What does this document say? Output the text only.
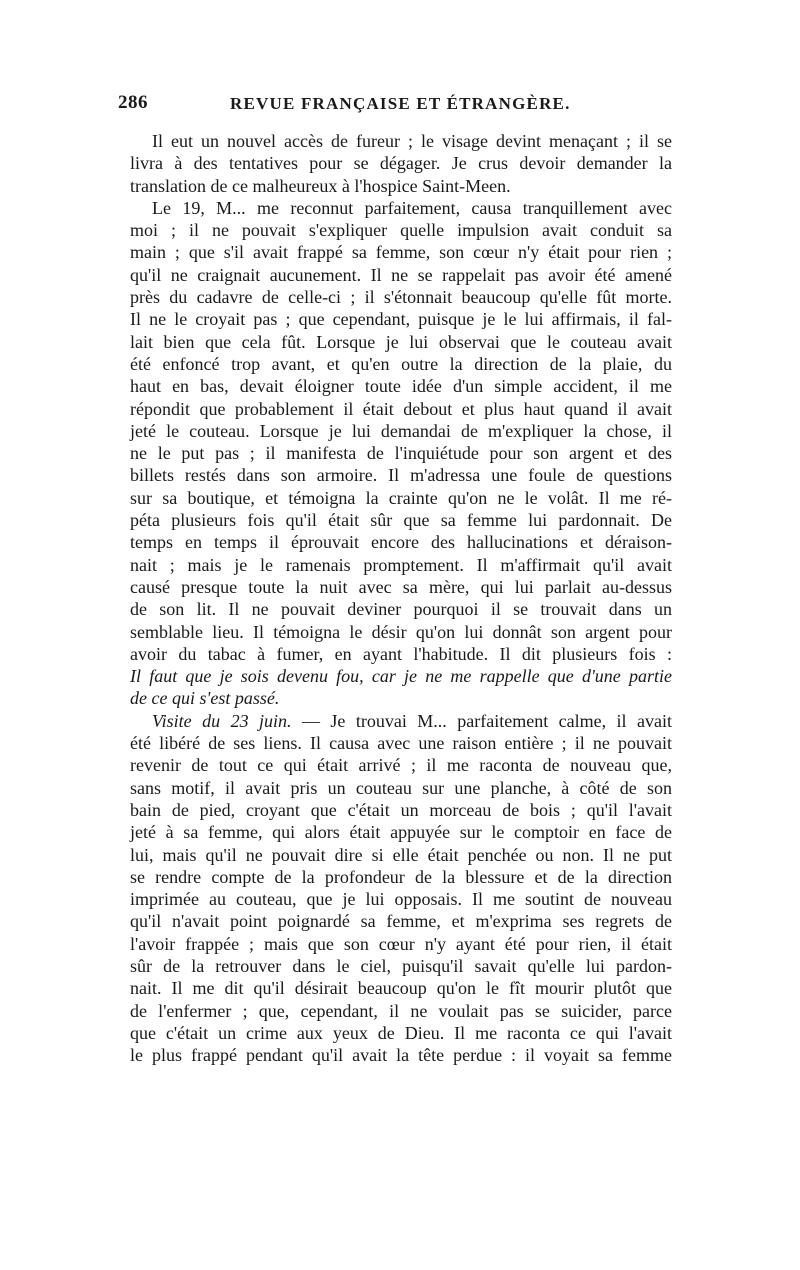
286	REVUE FRANÇAISE ET ÉTRANGÈRE.
Il eut un nouvel accès de fureur ; le visage devint menaçant ; il se
livra à des tentatives pour se dégager. Je crus devoir demander la
translation de ce malheureux à l'hospice Saint-Meen.
Le 19, M... me reconnut parfaitement, causa tranquillement avec
moi ; il ne pouvait s'expliquer quelle impulsion avait conduit sa
main ; que s'il avait frappé sa femme, son cœur n'y était pour rien ;
qu'il ne craignait aucunement. Il ne se rappelait pas avoir été amené
près du cadavre de celle-ci ; il s'étonnait beaucoup qu'elle fût morte.
Il ne le croyait pas ; que cependant, puisque je le lui affirmais, il fal-
lait bien que cela fût. Lorsque je lui observai que le couteau avait
été enfoncé trop avant, et qu'en outre la direction de la plaie, du
haut en bas, devait éloigner toute idée d'un simple accident, il me
répondit que probablement il était debout et plus haut quand il avait
jeté le couteau. Lorsque je lui demandai de m'expliquer la chose, il
ne le put pas ; il manifesta de l'inquiétude pour son argent et des
billets restés dans son armoire. Il m'adressa une foule de questions
sur sa boutique, et témoigna la crainte qu'on ne le volât. Il me ré-
péta plusieurs fois qu'il était sûr que sa femme lui pardonnait. De
temps en temps il éprouvait encore des hallucinations et déraison-
nait ; mais je le ramenais promptement. Il m'affirmait qu'il avait
causé presque toute la nuit avec sa mère, qui lui parlait au-dessus
de son lit. Il ne pouvait deviner pourquoi il se trouvait dans un
semblable lieu. Il témoigna le désir qu'on lui donnât son argent pour
avoir du tabac à fumer, en ayant l'habitude. Il dit plusieurs fois :
Il faut que je sois devenu fou, car je ne me rappelle que d'une partie
de ce qui s'est passé.
Visite du 23 juin. — Je trouvai M... parfaitement calme, il avait
été libéré de ses liens. Il causa avec une raison entière ; il ne pouvait
revenir de tout ce qui était arrivé ; il me raconta de nouveau que,
sans motif, il avait pris un couteau sur une planche, à côté de son
bain de pied, croyant que c'était un morceau de bois ; qu'il l'avait
jeté à sa femme, qui alors était appuyée sur le comptoir en face de
lui, mais qu'il ne pouvait dire si elle était penchée ou non. Il ne put
se rendre compte de la profondeur de la blessure et de la direction
imprimée au couteau, que je lui opposais. Il me soutint de nouveau
qu'il n'avait point poignardé sa femme, et m'exprima ses regrets de
l'avoir frappée ; mais que son cœur n'y ayant été pour rien, il était
sûr de la retrouver dans le ciel, puisqu'il savait qu'elle lui pardon-
nait. Il me dit qu'il désirait beaucoup qu'on le fît mourir plutôt que
de l'enfermer ; que, cependant, il ne voulait pas se suicider, parce
que c'était un crime aux yeux de Dieu. Il me raconta ce qui l'avait
le plus frappé pendant qu'il avait la tête perdue : il voyait sa femme
